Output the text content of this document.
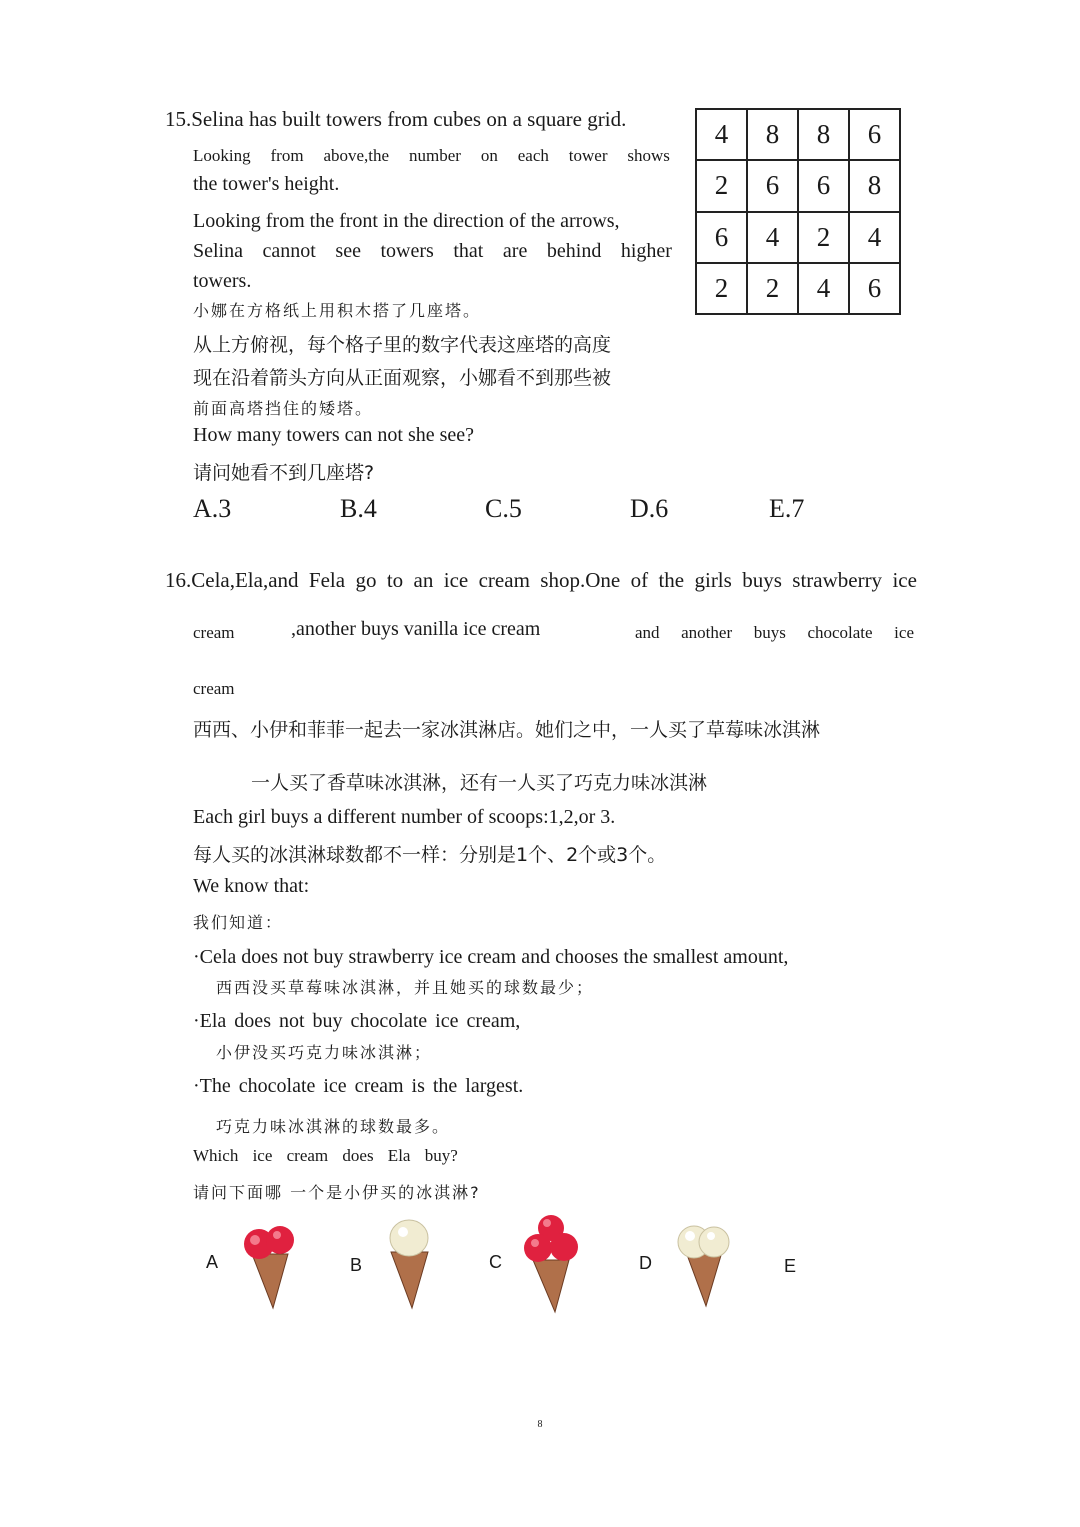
15.Selina has built towers from cubes on a square grid.
Looking from above,the number on each tower shows
the tower's height.
Looking from the front in the direction of the arrows,
Selina cannot see towers that are behind higher
towers.
小娜在方格纸上用积木搭了几座塔。
从上方俯视，每个格子里的数字代表这座塔的高度
现在沿着箭头方向从正面观察，小娜看不到那些被
前面高塔挡住的矮塔。
How many towers can not she see?
请问她看不到几座塔?
A.3	B.4	C.5	D.6	E.7
4	8	8	6
2	6	6	8
6	4	2	4
2	2	4	6
16.Cela,Ela,and Fela go to an ice cream shop.One of the girls buys strawberry ice
cream	,another buys vanilla ice cream	and another buys chocolate ice
cream
西西、小伊和菲菲一起去一家冰淇淋店。她们之中，一人买了草莓味冰淇淋
一人买了香草味冰淇淋，还有一人买了巧克力味冰淇淋
Each girl buys a different number of scoops:1,2,or 3.
每人买的冰淇淋球数都不一样：分别是1个、2个或3个。
We know that:
我们知道：
·Cela does not buy strawberry ice cream and chooses the smallest amount,
西西没买草莓味冰淇淋，并且她买的球数最少；
·Ela does not buy chocolate ice cream,
小伊没买巧克力味冰淇淋；
·The chocolate ice cream is the largest.
巧克力味冰淇淋的球数最多。
Which ice cream does Ela buy?
请问下面哪 一个是小伊买的冰淇淋?
A	B	C	D	E
8
